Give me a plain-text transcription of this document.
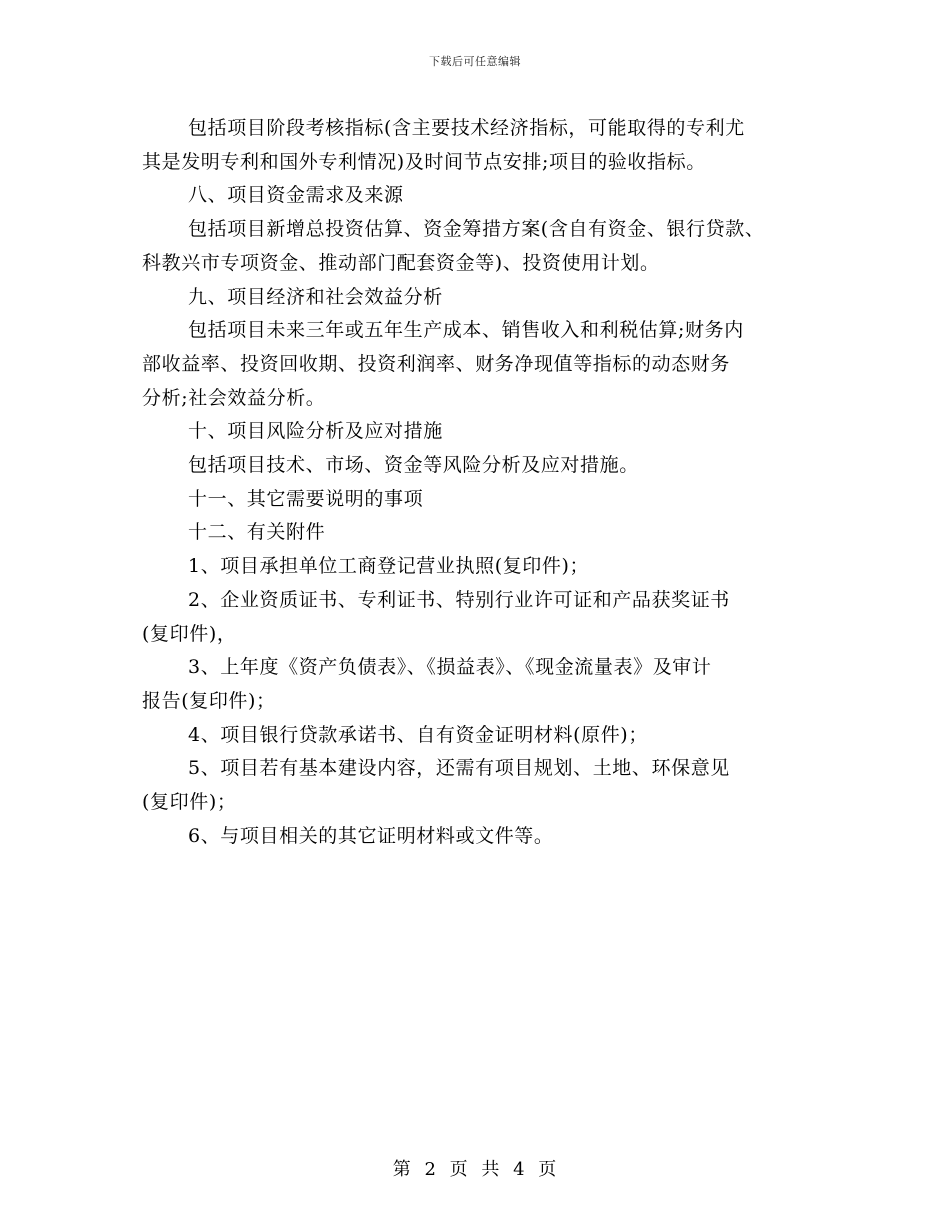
下载后可任意编辑

包括项目阶段考核指标(含主要技术经济指标，可能取得的专利尤

其是发明专利和国外专利情况)及时间节点安排;项目的验收指标。

八、项目资金需求及来源

包括项目新增总投资估算、资金筹措方案(含自有资金、银行贷款、

科教兴市专项资金、推动部门配套资金等)、投资使用计划。

九、项目经济和社会效益分析

包括项目未来三年或五年生产成本、销售收入和利税估算;财务内

部收益率、投资回收期、投资利润率、财务净现值等指标的动态财务

分析;社会效益分析。

十、项目风险分析及应对措施

包括项目技术、市场、资金等风险分析及应对措施。

十一、其它需要说明的事项

十二、有关附件

1、项目承担单位工商登记营业执照(复印件)；

2、企业资质证书、专利证书、特别行业许可证和产品获奖证书

(复印件)，

3、上年度《资产负债表》、《损益表》、《现金流量表》及审计

报告(复印件)；

4、项目银行贷款承诺书、自有资金证明材料(原件)；

5、项目若有基本建设内容，还需有项目规划、土地、环保意见

(复印件)；

6、与项目相关的其它证明材料或文件等。

第 2 页 共 4 页
